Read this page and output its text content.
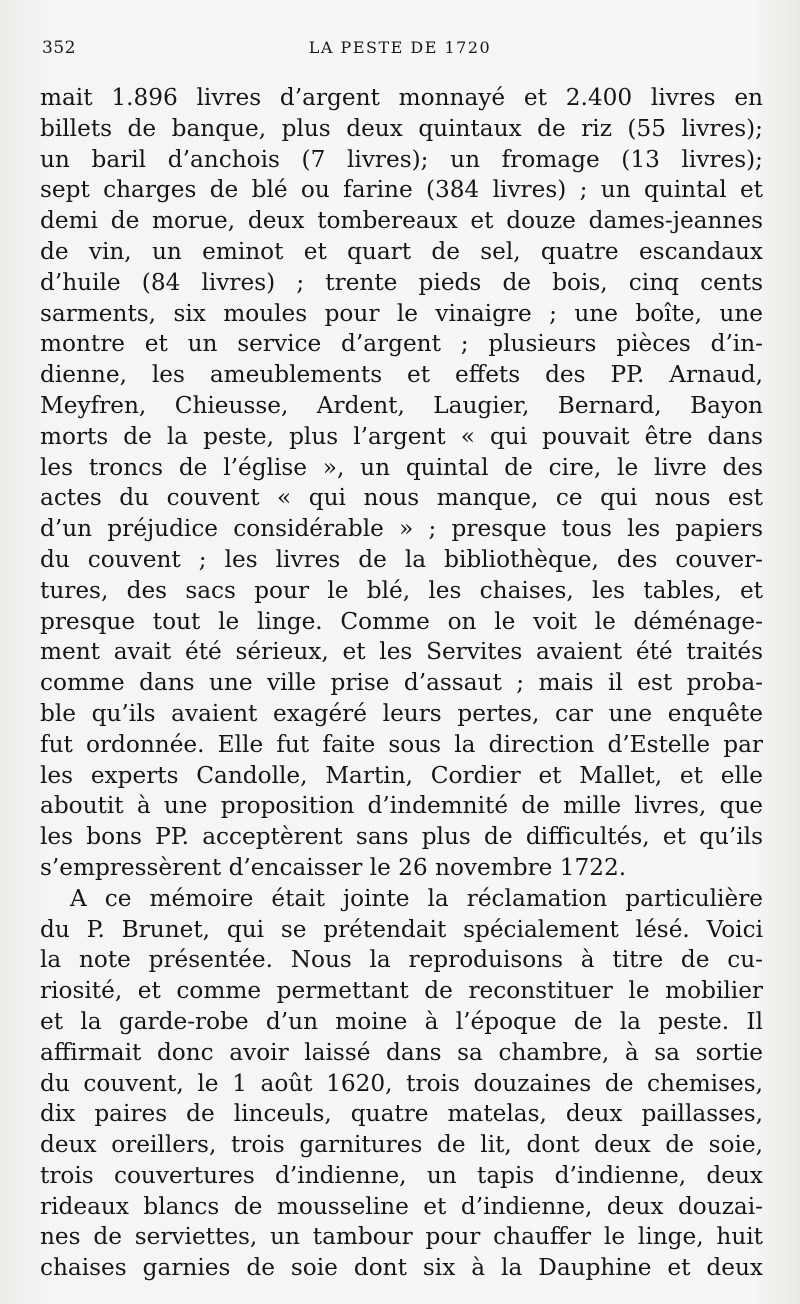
352	LA PESTE DE 1720
mait 1.896 livres d’argent monnayé et 2.400 livres en
billets de banque, plus deux quintaux de riz (55 livres);
un baril d’anchois (7 livres); un fromage (13 livres);
sept charges de blé ou farine (384 livres) ; un quintal et
demi de morue, deux tombereaux et douze dames-jeannes
de vin, un eminot et quart de sel, quatre escandaux
d’huile (84 livres) ; trente pieds de bois, cinq cents
sarments, six moules pour le vinaigre ; une boîte, une
montre et un service d’argent ; plusieurs pièces d’in-
dienne, les ameublements et effets des PP. Arnaud,
Meyfren, Chieusse, Ardent, Laugier, Bernard, Bayon
morts de la peste, plus l’argent « qui pouvait être dans
les troncs de l’église », un quintal de cire, le livre des
actes du couvent « qui nous manque, ce qui nous est
d’un préjudice considérable » ; presque tous les papiers
du couvent ; les livres de la bibliothèque, des couver-
tures, des sacs pour le blé, les chaises, les tables, et
presque tout le linge. Comme on le voit le déménage-
ment avait été sérieux, et les Servites avaient été traités
comme dans une ville prise d’assaut ; mais il est proba-
ble qu’ils avaient exagéré leurs pertes, car une enquête
fut ordonnée. Elle fut faite sous la direction d’Estelle par
les experts Candolle, Martin, Cordier et Mallet, et elle
aboutit à une proposition d’indemnité de mille livres, que
les bons PP. acceptèrent sans plus de difficultés, et qu’ils
s’empressèrent d’encaisser le 26 novembre 1722.
A ce mémoire était jointe la réclamation particulière
du P. Brunet, qui se prétendait spécialement lésé. Voici
la note présentée. Nous la reproduisons à titre de cu-
riosité, et comme permettant de reconstituer le mobilier
et la garde-robe d’un moine à l’époque de la peste. Il
affirmait donc avoir laissé dans sa chambre, à sa sortie
du couvent, le 1 août 1620, trois douzaines de chemises,
dix paires de linceuls, quatre matelas, deux paillasses,
deux oreillers, trois garnitures de lit, dont deux de soie,
trois couvertures d’indienne, un tapis d’indienne, deux
rideaux blancs de mousseline et d’indienne, deux douzai-
nes de serviettes, un tambour pour chauffer le linge, huit
chaises garnies de soie dont six à la Dauphine et deux
